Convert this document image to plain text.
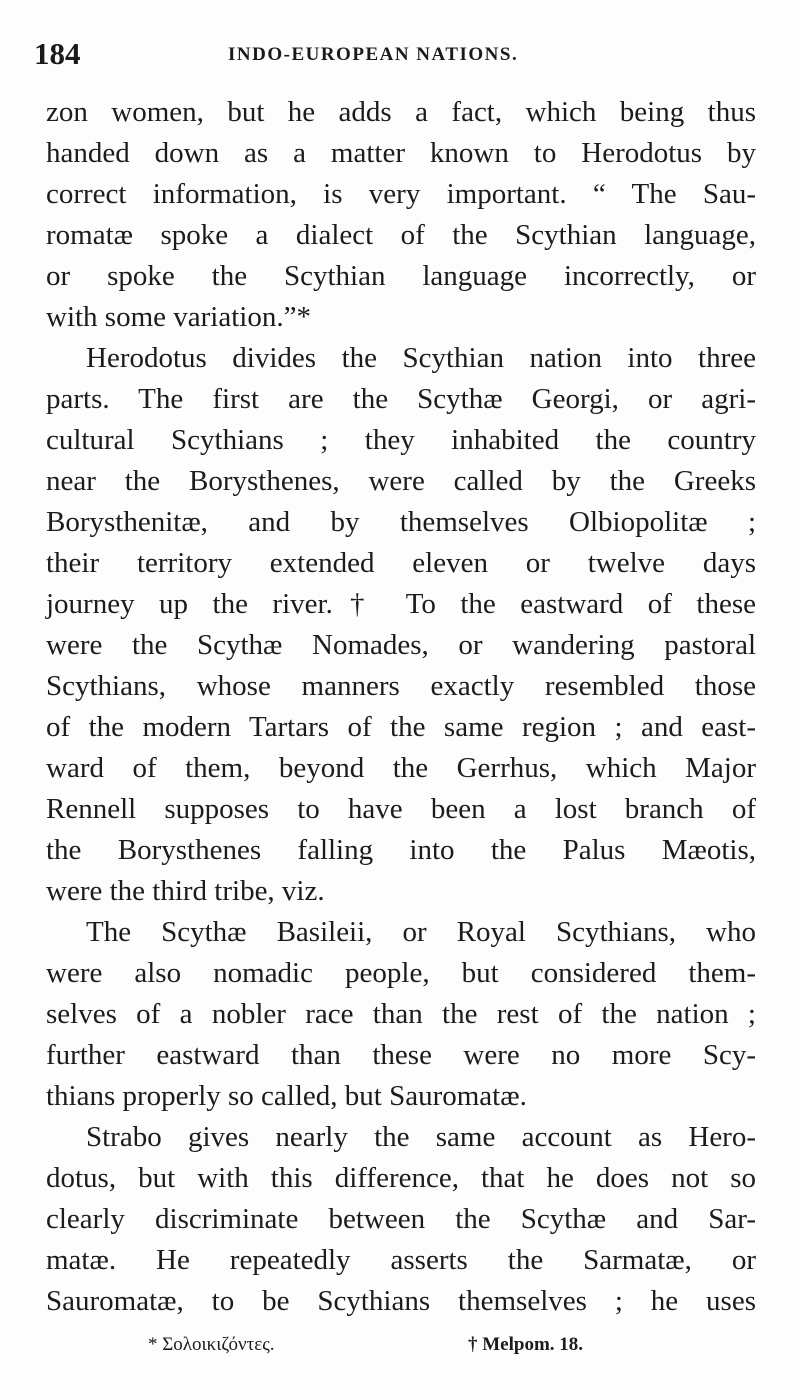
184	INDO-EUROPEAN NATIONS.
zon women, but he adds a fact, which being thus
handed down as a matter known to Herodotus by
correct information, is very important. “ The Sau-
romatæ spoke a dialect of the Scythian language,
or spoke the Scythian language incorrectly, or
with some variation.”*
Herodotus divides the Scythian nation into three
parts. The first are the Scythæ Georgi, or agri-
cultural Scythians ; they inhabited the country
near the Borysthenes, were called by the Greeks
Borysthenitæ, and by themselves Olbiopolitæ ;
their territory extended eleven or twelve days
journey up the river.† To the eastward of these
were the Scythæ Nomades, or wandering pastoral
Scythians, whose manners exactly resembled those
of the modern Tartars of the same region ; and east-
ward of them, beyond the Gerrhus, which Major
Rennell supposes to have been a lost branch of
the Borysthenes falling into the Palus Mæotis,
were the third tribe, viz.
The Scythæ Basileii, or Royal Scythians, who
were also nomadic people, but considered them-
selves of a nobler race than the rest of the nation ;
further eastward than these were no more Scy-
thians properly so called, but Sauromatæ.
Strabo gives nearly the same account as Hero-
dotus, but with this difference, that he does not so
clearly discriminate between the Scythæ and Sar-
matæ. He repeatedly asserts the Sarmatæ, or
Sauromatæ, to be Scythians themselves ; he uses
* Σολοικιζόντες.	† Melpom. 18.
